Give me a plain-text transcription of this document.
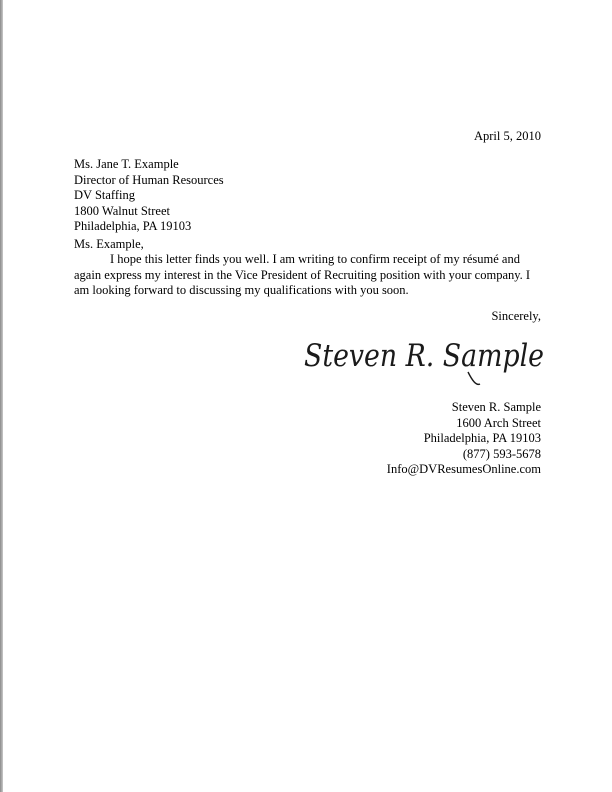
April 5, 2010
Ms. Jane T. Example
Director of Human Resources
DV Staffing
1800 Walnut Street
Philadelphia, PA 19103
Ms. Example,
I hope this letter finds you well. I am writing to confirm receipt of my résumé and again express my interest in the Vice President of Recruiting position with your company. I am looking forward to discussing my qualifications with you soon.
Sincerely,
Steven R. Sample
Steven R. Sample
1600 Arch Street
Philadelphia, PA 19103
(877) 593-5678
Info@DVResumesOnline.com
